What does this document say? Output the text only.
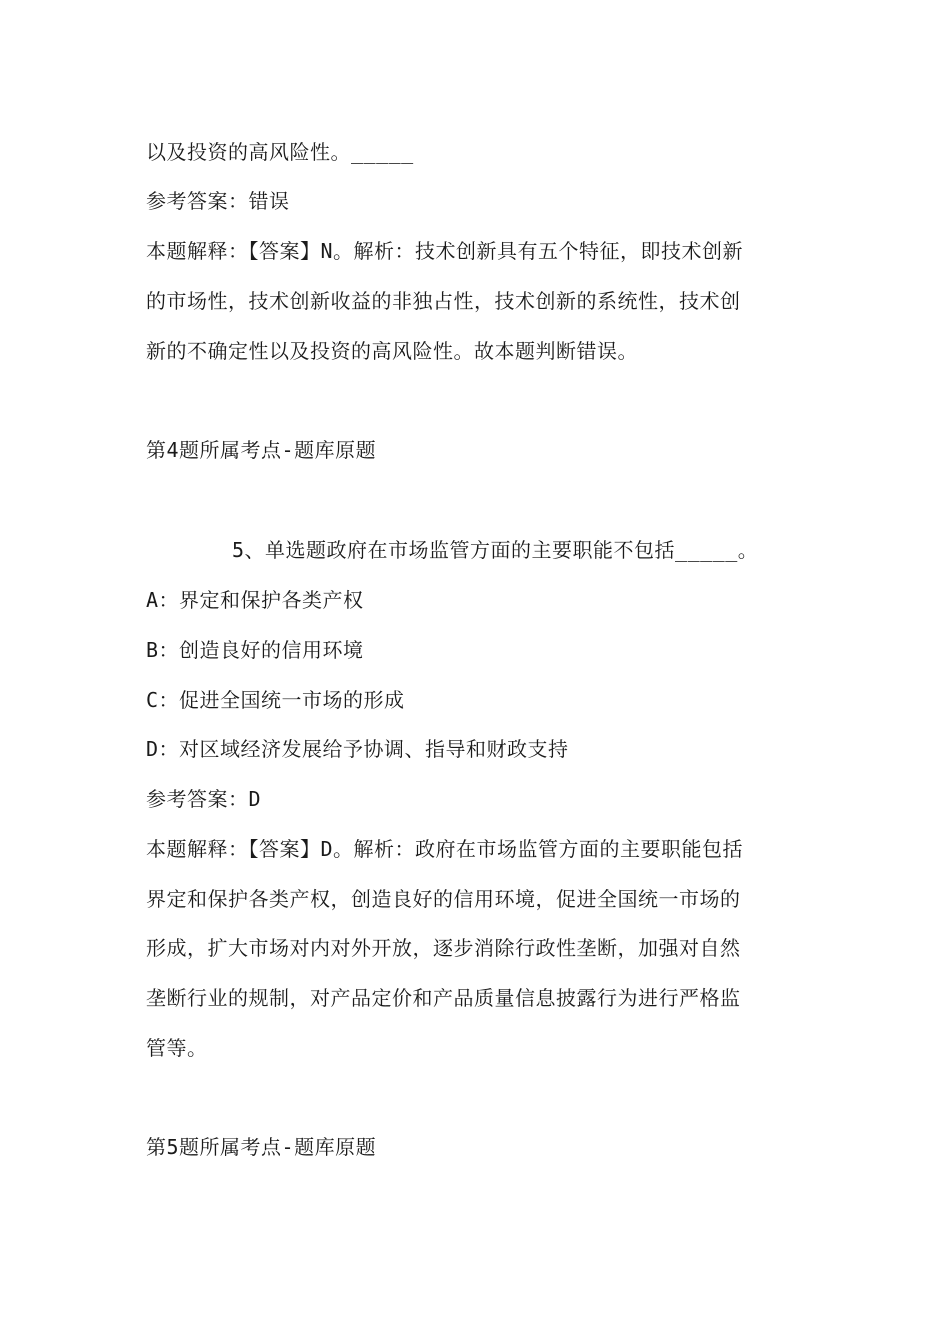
以及投资的高风险性。_____
参考答案：错误
本题解释：【答案】N。解析：技术创新具有五个特征，即技术创新
的市场性，技术创新收益的非独占性，技术创新的系统性，技术创
新的不确定性以及投资的高风险性。故本题判断错误。
第4题所属考点-题库原题
5、单选题政府在市场监管方面的主要职能不包括_____。
A：界定和保护各类产权
B：创造良好的信用环境
C：促进全国统一市场的形成
D：对区域经济发展给予协调、指导和财政支持
参考答案：D
本题解释：【答案】D。解析：政府在市场监管方面的主要职能包括
界定和保护各类产权，创造良好的信用环境，促进全国统一市场的
形成，扩大市场对内对外开放，逐步消除行政性垄断，加强对自然
垄断行业的规制，对产品定价和产品质量信息披露行为进行严格监
管等。
第5题所属考点-题库原题
